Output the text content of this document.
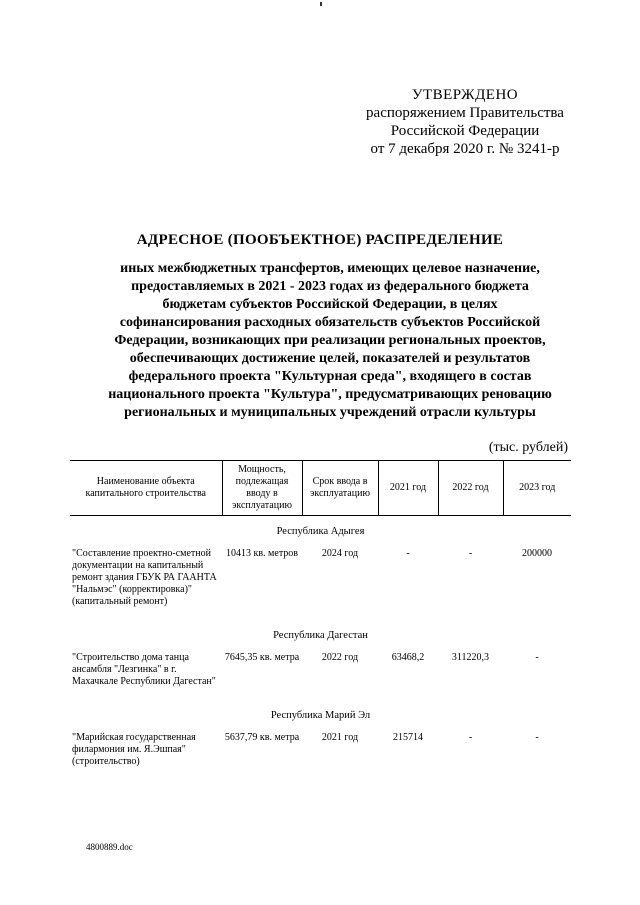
УТВЕРЖДЕНО
распоряжением Правительства
Российской Федерации
от 7 декабря 2020 г. № 3241-р
АДРЕСНОЕ (ПООБЪЕКТНОЕ) РАСПРЕДЕЛЕНИЕ
иных межбюджетных трансфертов, имеющих целевое назначение,
предоставляемых в 2021 - 2023 годах из федерального бюджета
бюджетам субъектов Российской Федерации, в целях
софинансирования расходных обязательств субъектов Российской
Федерации, возникающих при реализации региональных проектов,
обеспечивающих достижение целей, показателей и результатов
федерального проекта "Культурная среда", входящего в состав
национального проекта "Культура", предусматривающих реновацию
региональных и муниципальных учреждений отрасли культуры
(тыс. рублей)
Наименование объекта капитального строительства	Мощность, подлежащая вводу в эксплуатацию	Срок ввода в эксплуатацию	2021 год	2022 год	2023 год
Республика Адыгея					
"Составление проектно-сметной документации на капитальный ремонт здания ГБУК РА ГААНТА "Нальмэс" (корректировка)" (капитальный ремонт)	10413 кв. метров	2024 год	-	-	200000
Республика Дагестан					
"Строительство дома танца ансамбля "Лезгинка" в г. Махачкале Республики Дагестан"	7645,35 кв. метра	2022 год	63468,2	311220,3	-
Республика Марий Эл					
"Марийская государственная филармония им. Я.Эшпая" (строительство)	5637,79 кв. метра	2021 год	215714	-	-
4800889.doc
